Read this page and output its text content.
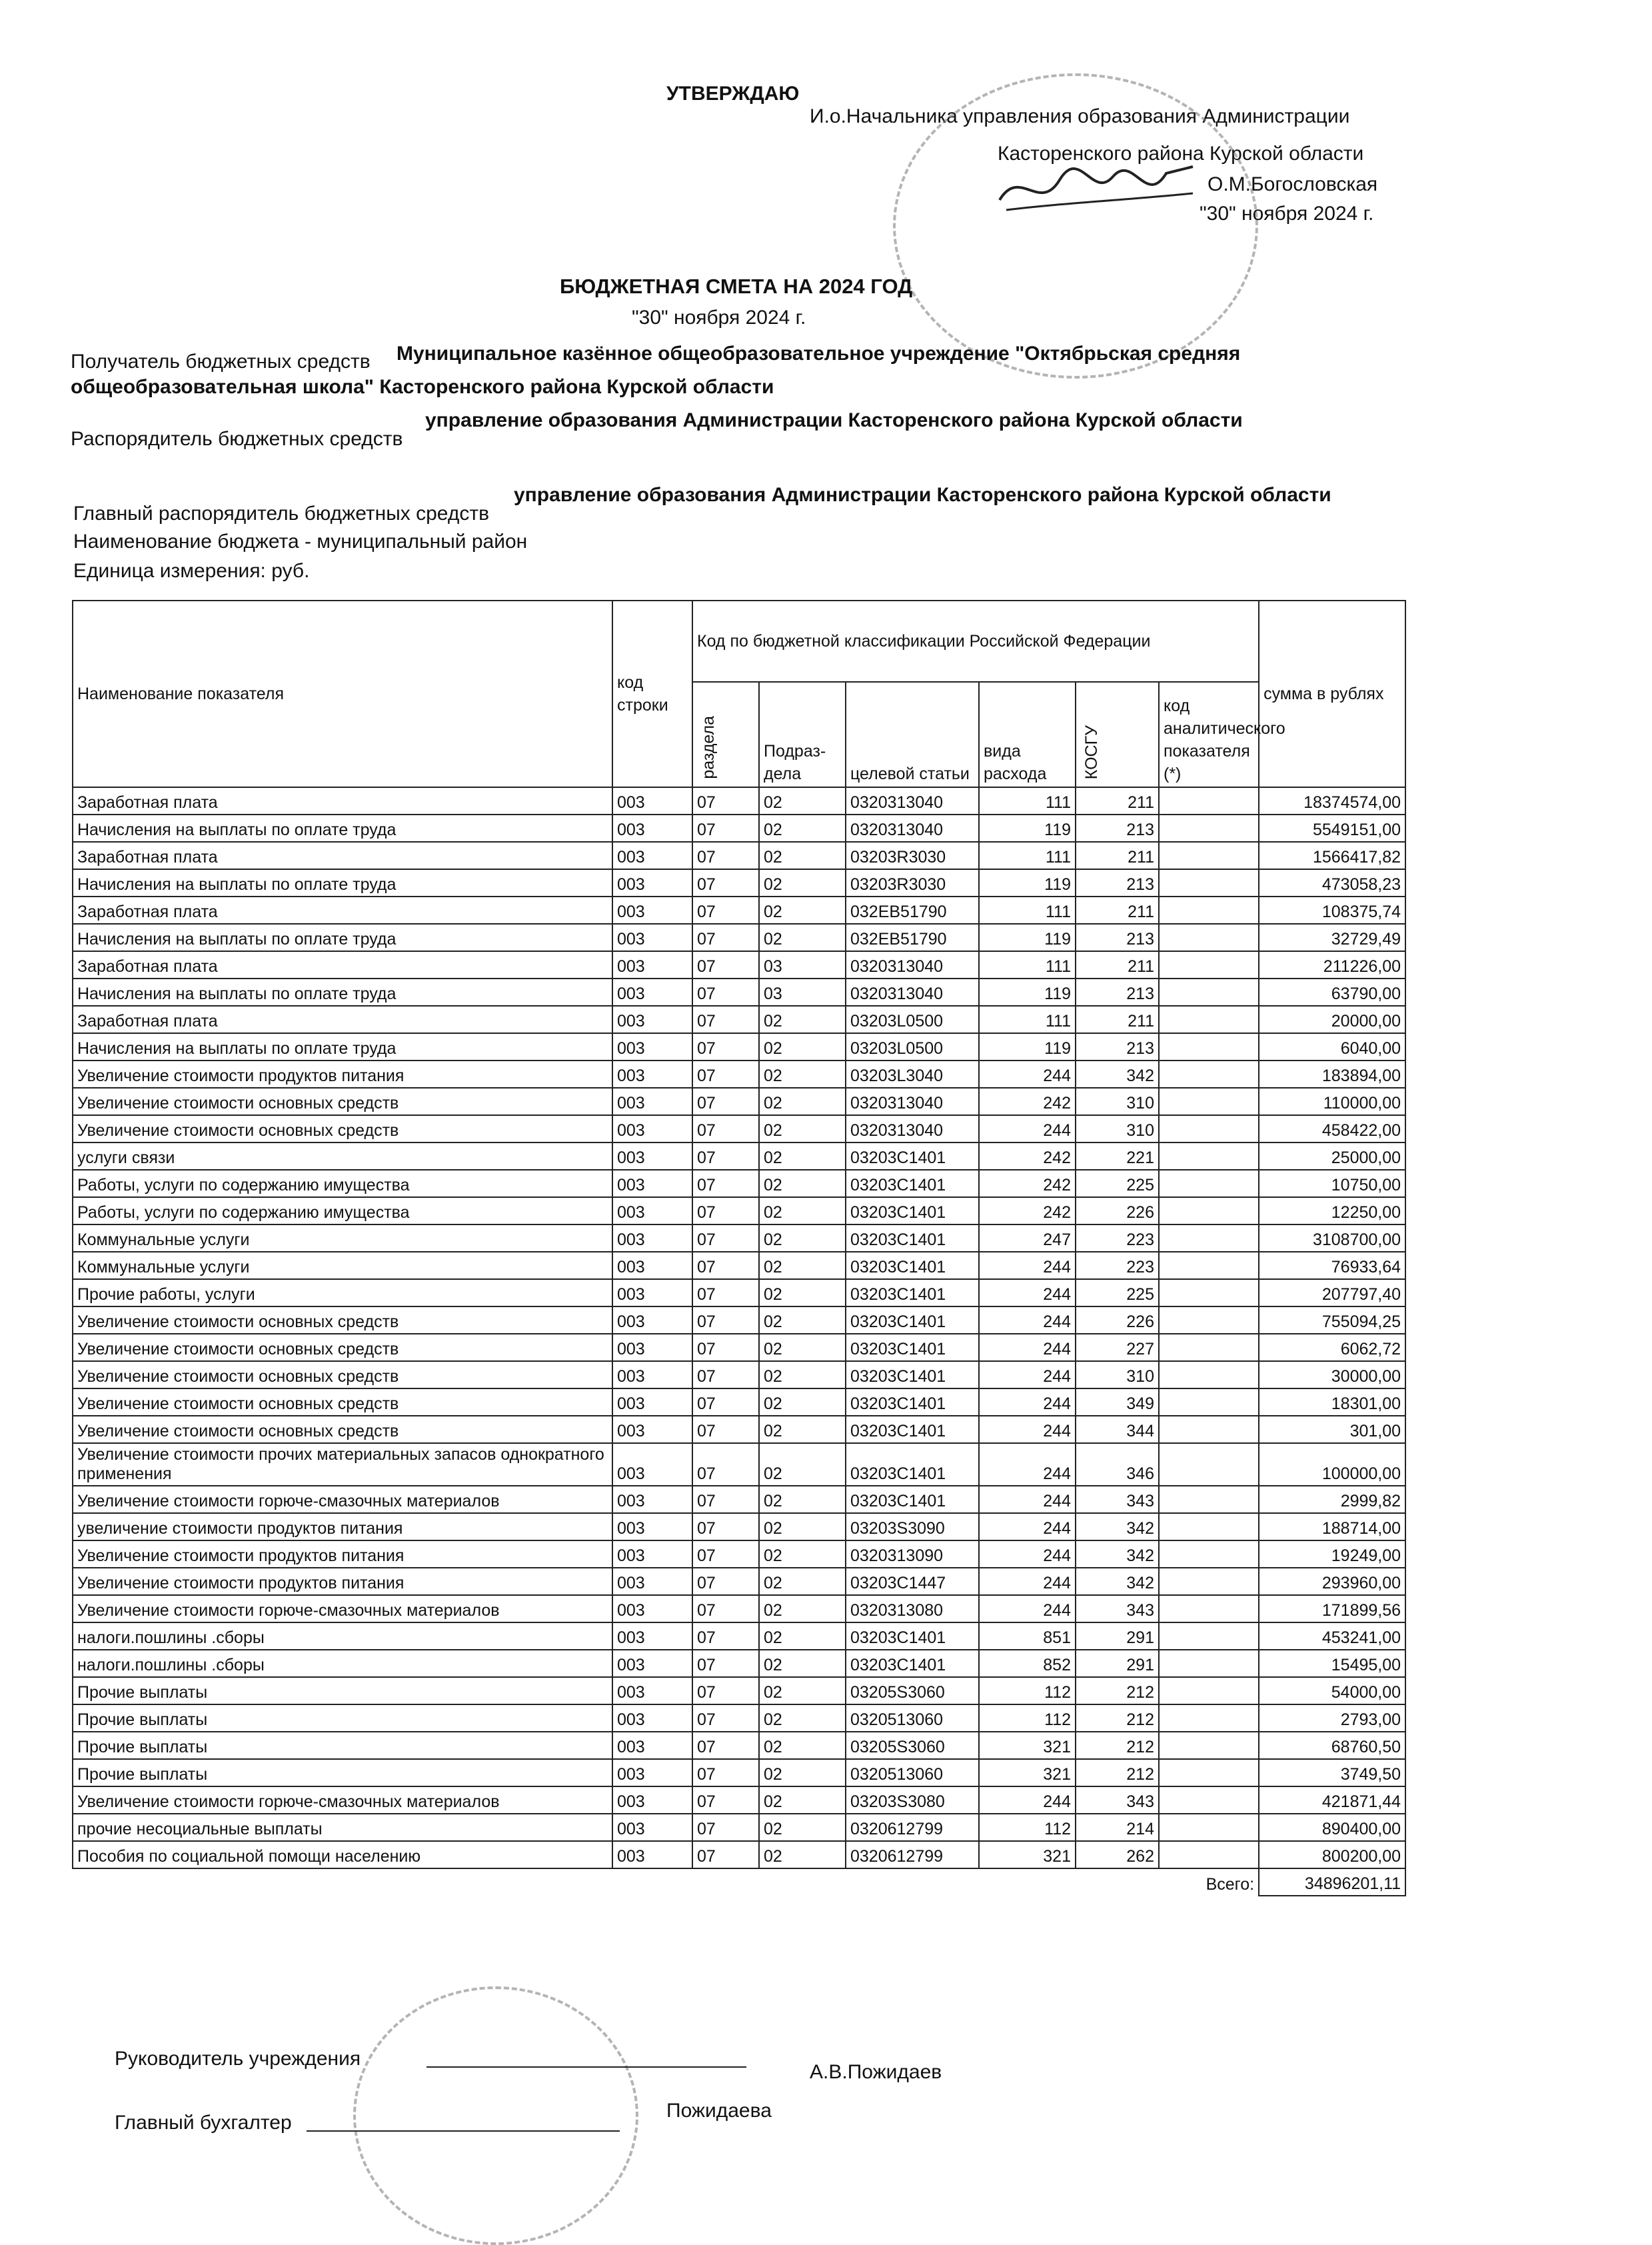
УТВЕРЖДАЮ
И.о.Начальника управления образования Администрации
Касторенского района Курской области
О.М.Богословская
"30" ноября 2024 г.
БЮДЖЕТНАЯ СМЕТА НА 2024 ГОД
"30" ноября 2024 г.
Получатель бюджетных средств Муниципальное казённое общеобразовательное учреждение "Октябрьская средняя
общеобразовательная школа" Касторенского района Курской области
Распорядитель бюджетных средств
управление образования Администрации Касторенского района Курской области
Главный распорядитель бюджетных средств
управление образования Администрации Касторенского района Курской области
Наименование бюджета - муниципальный район
Единица измерения: руб.
Наименование показателя	код строки	Код по бюджетной классификации Российской Федерации						сумма в рублях
		раздела	Подраз-дела	целевой статьи	вида расхода	КОСГУ	код аналитического показателя (*)	
Заработная плата	003	07	02	0320313040	111	211		18374574,00
Начисления на выплаты по оплате труда	003	07	02	0320313040	119	213		5549151,00
Заработная плата	003	07	02	03203R3030	111	211		1566417,82
Начисления на выплаты по оплате труда	003	07	02	03203R3030	119	213		473058,23
Заработная плата	003	07	02	032EB51790	111	211		108375,74
Начисления на выплаты по оплате труда	003	07	02	032EB51790	119	213		32729,49
Заработная плата	003	07	03	0320313040	111	211		211226,00
Начисления на выплаты по оплате труда	003	07	03	0320313040	119	213		63790,00
Заработная плата	003	07	02	03203L0500	111	211		20000,00
Начисления на выплаты по оплате труда	003	07	02	03203L0500	119	213		6040,00
Увеличение стоимости продуктов питания	003	07	02	03203L3040	244	342		183894,00
Увеличение стоимости основных средств	003	07	02	0320313040	242	310		110000,00
Увеличение стоимости основных средств	003	07	02	0320313040	244	310		458422,00
услуги связи	003	07	02	03203С1401	242	221		25000,00
Работы, услуги по содержанию имущества	003	07	02	03203С1401	242	225		10750,00
Работы, услуги по содержанию имущества	003	07	02	03203С1401	242	226		12250,00
Коммунальные услуги	003	07	02	03203С1401	247	223		3108700,00
Коммунальные услуги	003	07	02	03203С1401	244	223		76933,64
Прочие работы, услуги	003	07	02	03203С1401	244	225		207797,40
Увеличение стоимости основных средств	003	07	02	03203С1401	244	226		755094,25
Увеличение стоимости основных средств	003	07	02	03203С1401	244	227		6062,72
Увеличение стоимости основных средств	003	07	02	03203С1401	244	310		30000,00
Увеличение стоимости основных средств	003	07	02	03203С1401	244	349		18301,00
Увеличение стоимости основных средств	003	07	02	03203С1401	244	344		301,00
Увеличение стоимости прочих материальных запасов однократного применения	003	07	02	03203С1401	244	346		100000,00
Увеличение стоимости горюче-смазочных материалов	003	07	02	03203С1401	244	343		2999,82
увеличение стоимости продуктов питания	003	07	02	03203S3090	244	342		188714,00
Увеличение стоимости продуктов питания	003	07	02	0320313090	244	342		19249,00
Увеличение стоимости продуктов питания	003	07	02	03203С1447	244	342		293960,00
Увеличение стоимости горюче-смазочных материалов	003	07	02	0320313080	244	343		171899,56
налоги.пошлины .сборы	003	07	02	03203С1401	851	291		453241,00
налоги.пошлины .сборы	003	07	02	03203С1401	852	291		15495,00
Прочие выплаты	003	07	02	03205S3060	112	212		54000,00
Прочие выплаты	003	07	02	0320513060	112	212		2793,00
Прочие выплаты	003	07	02	03205S3060	321	212		68760,50
Прочие выплаты	003	07	02	0320513060	321	212		3749,50
Увеличение стоимости горюче-смазочных материалов	003	07	02	03203S3080	244	343		421871,44
прочие несоциальные выплаты	003	07	02	0320612799	112	214		890400,00
Пособия по социальной помощи населению	003	07	02	0320612799	321	262		800200,00
Всего:								34896201,11
Руководитель учреждения
А.В.Пожидаев
Главный бухгалтер
Пожидаева
